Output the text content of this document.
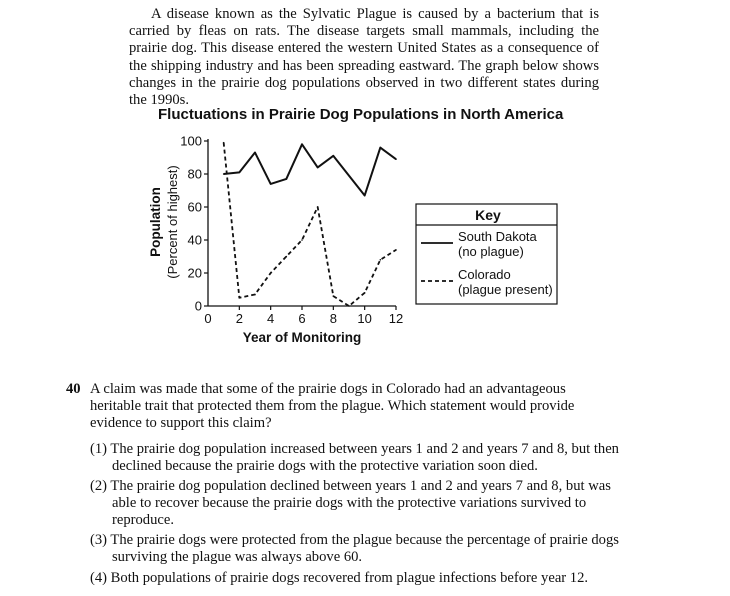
A disease known as the Sylvatic Plague is caused by a bacterium that is carried by fleas on rats. The disease targets small mammals, including the prairie dog. This disease entered the western United States as a consequence of the shipping industry and has been spreading eastward. The graph below shows changes in the prairie dog populations observed in two different states during the 1990s.
Fluctuations in Prairie Dog Populations in North America
0
20
40
60
80
100
0 2 4 6 8 10 12
Year of Monitoring
Population (Percent of highest)	Key
South Dakota
(no plague)
Colorado
(plague present)
40 A claim was made that some of the prairie dogs in Colorado had an advantageous heritable trait that protected them from the plague. Which statement would provide evidence to support this claim?
(1) The prairie dog population increased between years 1 and 2 and years 7 and 8, but then declined because the prairie dogs with the protective variation soon died.
(2) The prairie dog population declined between years 1 and 2 and years 7 and 8, but was able to recover because the prairie dogs with the protective variations survived to reproduce.
(3) The prairie dogs were protected from the plague because the percentage of prairie dogs surviving the plague was always above 60.
(4) Both populations of prairie dogs recovered from plague infections before year 12.
